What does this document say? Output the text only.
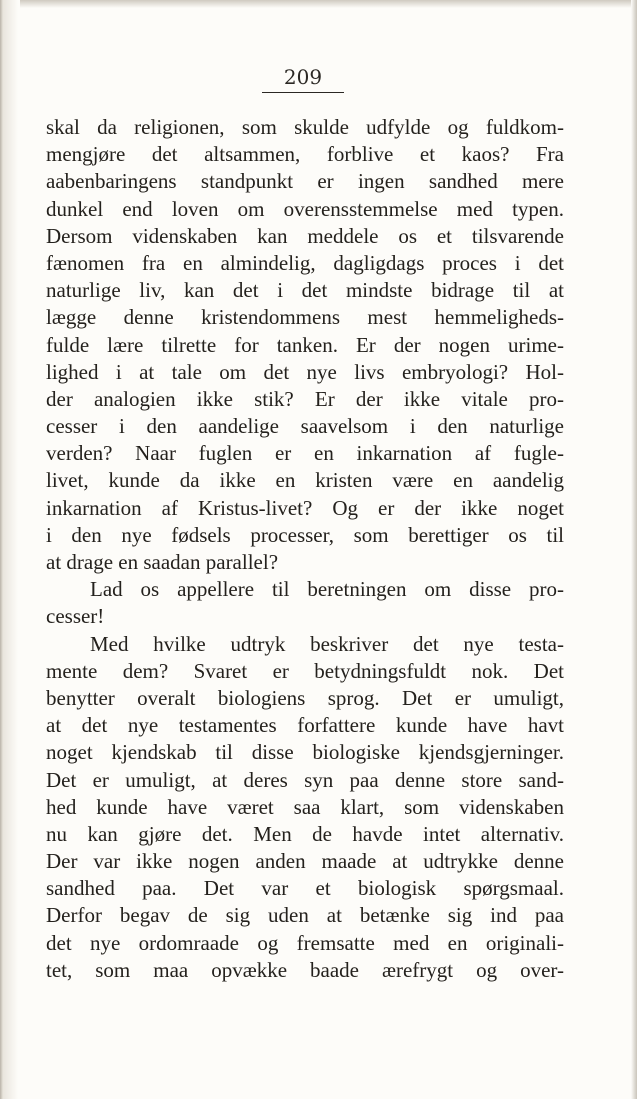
209
skal da religionen, som skulde udfylde og fuldkom-
mengjøre det altsammen, forblive et kaos? Fra
aabenbaringens standpunkt er ingen sandhed mere
dunkel end loven om overensstemmelse med typen.
Dersom videnskaben kan meddele os et tilsvarende
fænomen fra en almindelig, dagligdags proces i det
naturlige liv, kan det i det mindste bidrage til at
lægge denne kristendommens mest hemmeligheds-
fulde lære tilrette for tanken. Er der nogen urime-
lighed i at tale om det nye livs embryologi? Hol-
der analogien ikke stik? Er der ikke vitale pro-
cesser i den aandelige saavelsom i den naturlige
verden? Naar fuglen er en inkarnation af fugle-
livet, kunde da ikke en kristen være en aandelig
inkarnation af Kristus-livet? Og er der ikke noget
i den nye fødsels processer, som berettiger os til
at drage en saadan parallel?
Lad os appellere til beretningen om disse pro-
cesser!
Med hvilke udtryk beskriver det nye testa-
mente dem? Svaret er betydningsfuldt nok. Det
benytter overalt biologiens sprog. Det er umuligt,
at det nye testamentes forfattere kunde have havt
noget kjendskab til disse biologiske kjendsgjerninger.
Det er umuligt, at deres syn paa denne store sand-
hed kunde have været saa klart, som videnskaben
nu kan gjøre det. Men de havde intet alternativ.
Der var ikke nogen anden maade at udtrykke denne
sandhed paa. Det var et biologisk spørgsmaal.
Derfor begav de sig uden at betænke sig ind paa
det nye ordomraade og fremsatte med en originali-
tet, som maa opvække baade ærefrygt og over-
